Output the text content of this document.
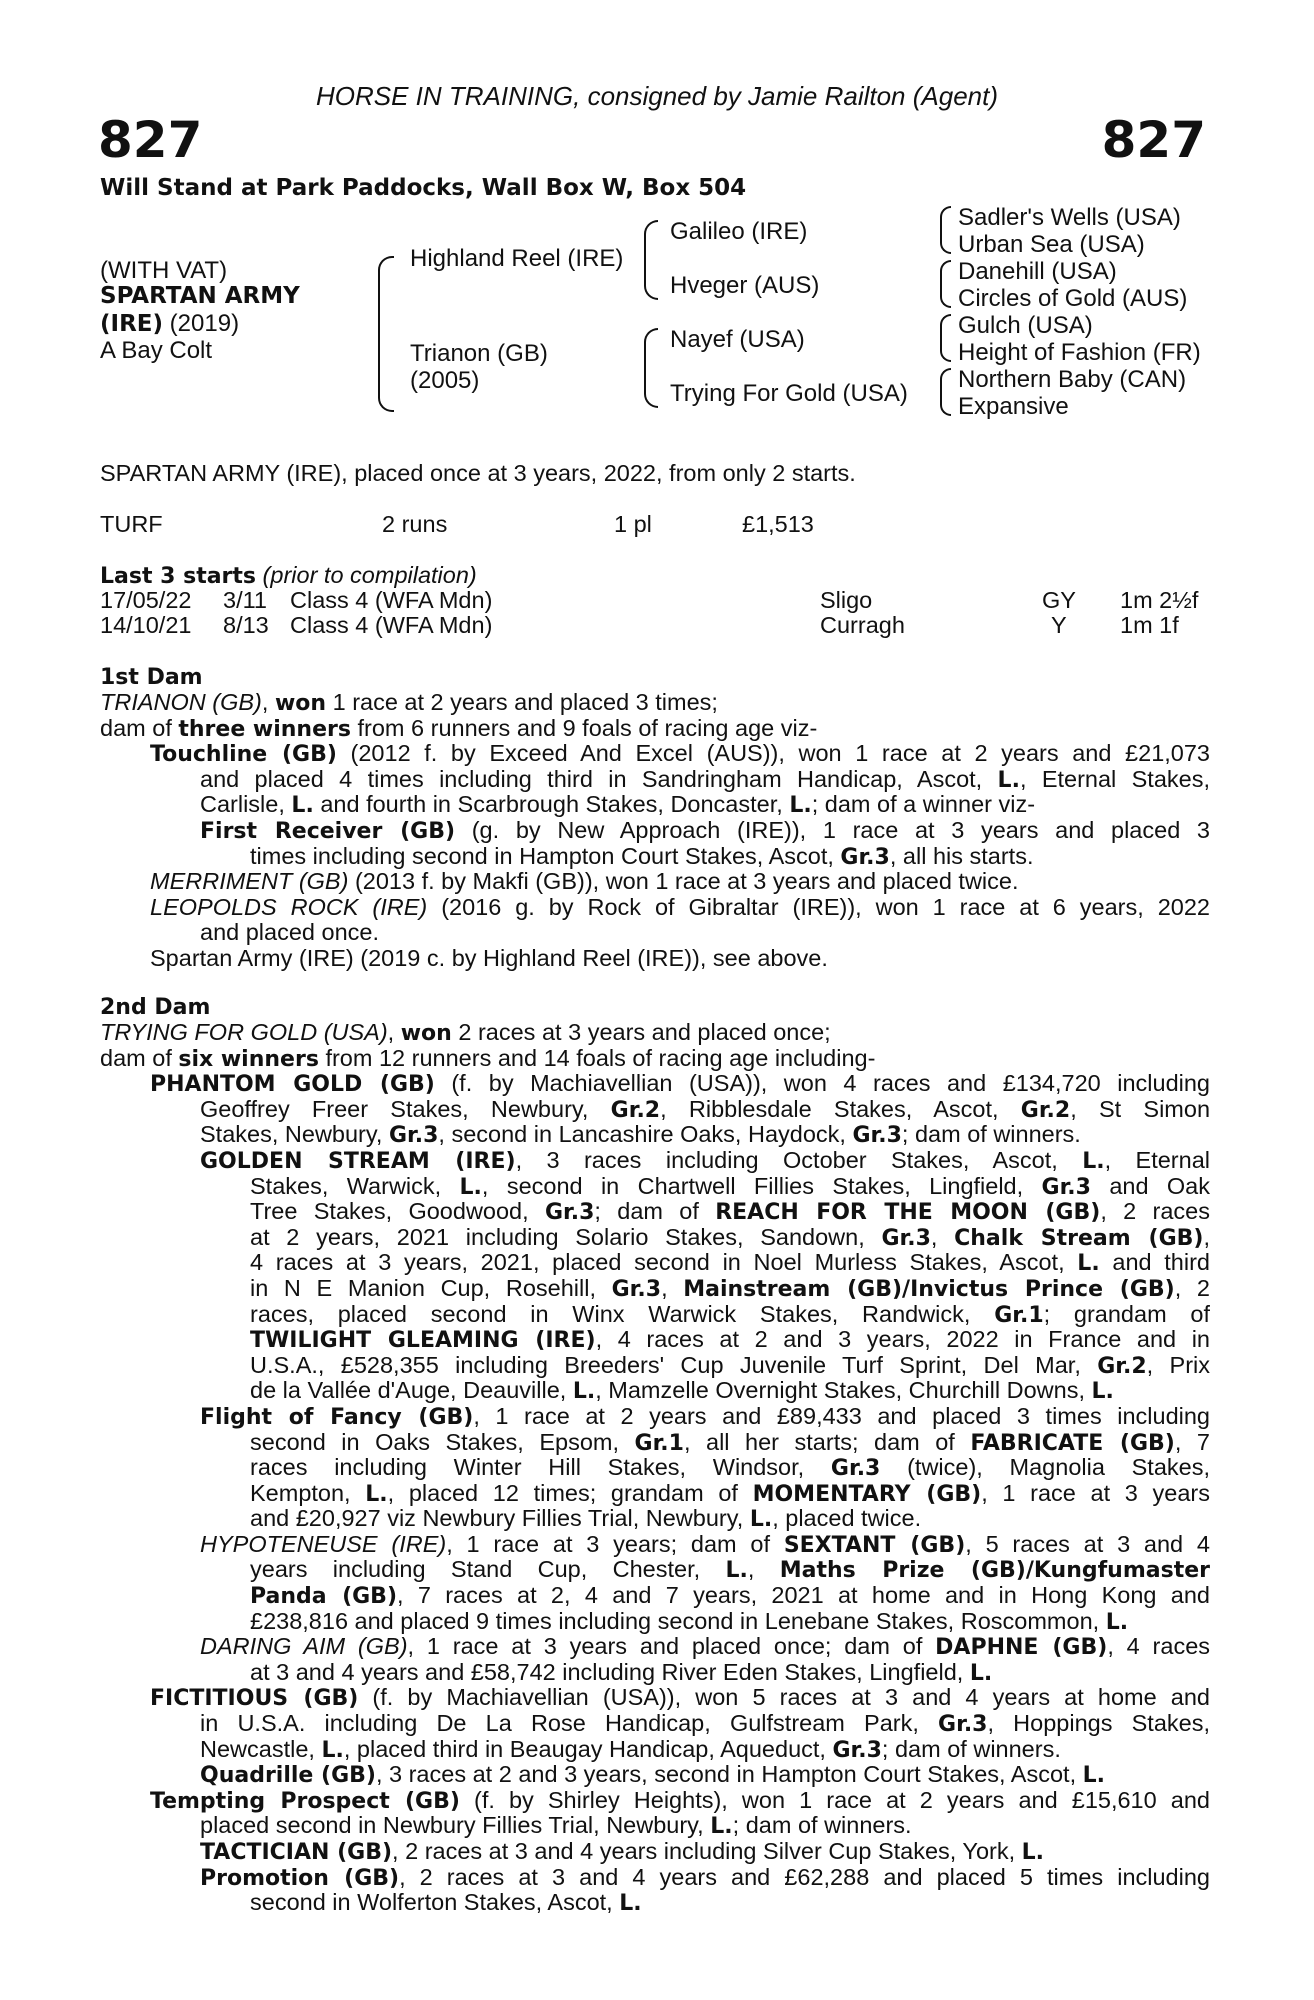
HORSE IN TRAINING, consigned by Jamie Railton (Agent)
827	827
Will Stand at Park Paddocks, Wall Box W, Box 504
(WITH VAT)
SPARTAN ARMY
(IRE) (2019)
A Bay Colt
Highland Reel (IRE)
Trianon (GB)
(2005)
Galileo (IRE)
Hveger (AUS)
Nayef (USA)
Trying For Gold (USA)
Sadler's Wells (USA)
Urban Sea (USA)
Danehill (USA)
Circles of Gold (AUS)
Gulch (USA)
Height of Fashion (FR)
Northern Baby (CAN)
Expansive
SPARTAN ARMY (IRE), placed once at 3 years, 2022, from only 2 starts.
TURF	2 runs	1 pl	£1,513
Last 3 starts (prior to compilation)
17/05/22 3/11 Class 4 (WFA Mdn)	Sligo	GY 1m 2½f
14/10/21 8/13 Class 4 (WFA Mdn)	Curragh	Y 1m 1f
1st Dam
TRIANON (GB), won 1 race at 2 years and placed 3 times;
dam of three winners from 6 runners and 9 foals of racing age viz-
Touchline (GB) (2012 f. by Exceed And Excel (AUS)), won 1 race at 2 years and £21,073
and placed 4 times including third in Sandringham Handicap, Ascot, L., Eternal Stakes,
Carlisle, L. and fourth in Scarbrough Stakes, Doncaster, L.; dam of a winner viz-
First Receiver (GB) (g. by New Approach (IRE)), 1 race at 3 years and placed 3
times including second in Hampton Court Stakes, Ascot, Gr.3, all his starts.
MERRIMENT (GB) (2013 f. by Makfi (GB)), won 1 race at 3 years and placed twice.
LEOPOLDS ROCK (IRE) (2016 g. by Rock of Gibraltar (IRE)), won 1 race at 6 years, 2022
and placed once.
Spartan Army (IRE) (2019 c. by Highland Reel (IRE)), see above.
2nd Dam
TRYING FOR GOLD (USA), won 2 races at 3 years and placed once;
dam of six winners from 12 runners and 14 foals of racing age including-
PHANTOM GOLD (GB) (f. by Machiavellian (USA)), won 4 races and £134,720 including
Geoffrey Freer Stakes, Newbury, Gr.2, Ribblesdale Stakes, Ascot, Gr.2, St Simon
Stakes, Newbury, Gr.3, second in Lancashire Oaks, Haydock, Gr.3; dam of winners.
GOLDEN STREAM (IRE), 3 races including October Stakes, Ascot, L., Eternal
Stakes, Warwick, L., second in Chartwell Fillies Stakes, Lingfield, Gr.3 and Oak
Tree Stakes, Goodwood, Gr.3; dam of REACH FOR THE MOON (GB), 2 races
at 2 years, 2021 including Solario Stakes, Sandown, Gr.3, Chalk Stream (GB),
4 races at 3 years, 2021, placed second in Noel Murless Stakes, Ascot, L. and third
in N E Manion Cup, Rosehill, Gr.3, Mainstream (GB)/Invictus Prince (GB), 2
races, placed second in Winx Warwick Stakes, Randwick, Gr.1; grandam of
TWILIGHT GLEAMING (IRE), 4 races at 2 and 3 years, 2022 in France and in
U.S.A., £528,355 including Breeders' Cup Juvenile Turf Sprint, Del Mar, Gr.2, Prix
de la Vallée d'Auge, Deauville, L., Mamzelle Overnight Stakes, Churchill Downs, L.
Flight of Fancy (GB), 1 race at 2 years and £89,433 and placed 3 times including
second in Oaks Stakes, Epsom, Gr.1, all her starts; dam of FABRICATE (GB), 7
races including Winter Hill Stakes, Windsor, Gr.3 (twice), Magnolia Stakes,
Kempton, L., placed 12 times; grandam of MOMENTARY (GB), 1 race at 3 years
and £20,927 viz Newbury Fillies Trial, Newbury, L., placed twice.
HYPOTENEUSE (IRE), 1 race at 3 years; dam of SEXTANT (GB), 5 races at 3 and 4
years including Stand Cup, Chester, L., Maths Prize (GB)/Kungfumaster
Panda (GB), 7 races at 2, 4 and 7 years, 2021 at home and in Hong Kong and
£238,816 and placed 9 times including second in Lenebane Stakes, Roscommon, L.
DARING AIM (GB), 1 race at 3 years and placed once; dam of DAPHNE (GB), 4 races
at 3 and 4 years and £58,742 including River Eden Stakes, Lingfield, L.
FICTITIOUS (GB) (f. by Machiavellian (USA)), won 5 races at 3 and 4 years at home and
in U.S.A. including De La Rose Handicap, Gulfstream Park, Gr.3, Hoppings Stakes,
Newcastle, L., placed third in Beaugay Handicap, Aqueduct, Gr.3; dam of winners.
Quadrille (GB), 3 races at 2 and 3 years, second in Hampton Court Stakes, Ascot, L.
Tempting Prospect (GB) (f. by Shirley Heights), won 1 race at 2 years and £15,610 and
placed second in Newbury Fillies Trial, Newbury, L.; dam of winners.
TACTICIAN (GB), 2 races at 3 and 4 years including Silver Cup Stakes, York, L.
Promotion (GB), 2 races at 3 and 4 years and £62,288 and placed 5 times including
second in Wolferton Stakes, Ascot, L.
